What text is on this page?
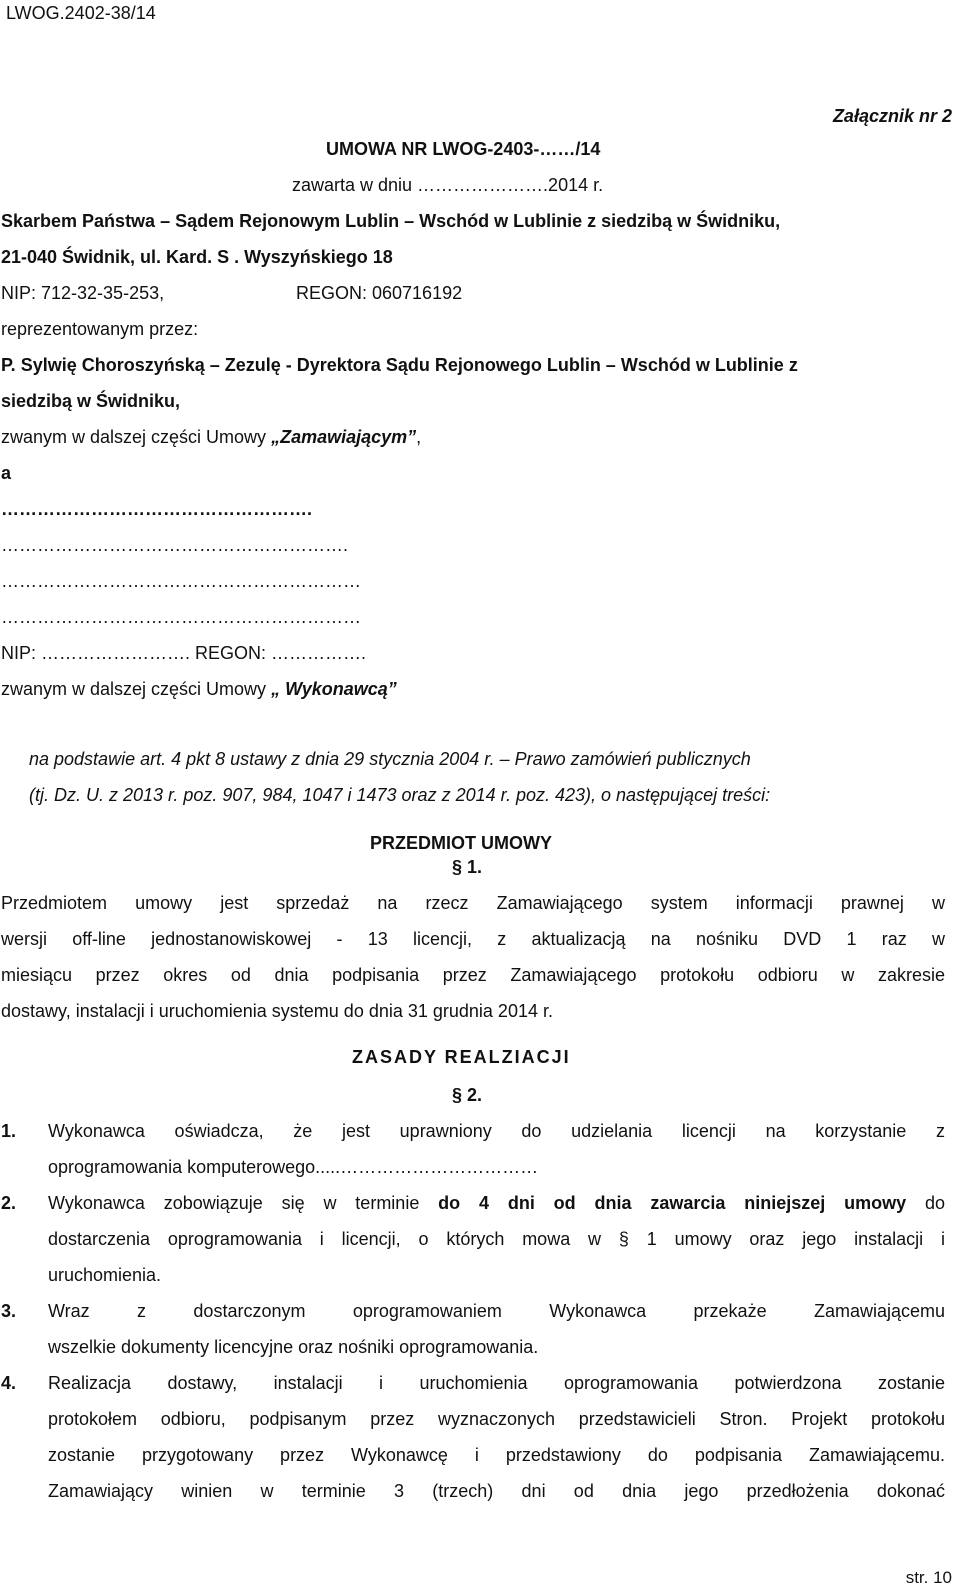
LWOG.2402-38/14
Załącznik nr 2
UMOWA NR LWOG-2403-……/14
zawarta w dniu ………………….2014 r.
Skarbem Państwa – Sądem Rejonowym Lublin – Wschód w Lublinie z siedzibą w Świdniku,
21-040 Świdnik, ul. Kard. S . Wyszyńskiego 18
NIP: 712-32-35-253,	REGON: 060716192
reprezentowanym przez:
P. Sylwię Choroszyńską – Zezulę - Dyrektora Sądu Rejonowego Lublin – Wschód w Lublinie z
siedzibą w Świdniku,
zwanym w dalszej części Umowy „Zamawiającym”,
a
…………………………………………….
………………………………………………….
……………………………………………………
……………………………………………………
NIP: ……………………. REGON: …………….
zwanym w dalszej części Umowy „ Wykonawcą”
na podstawie art. 4 pkt 8 ustawy z dnia 29 stycznia 2004 r. – Prawo zamówień publicznych
(tj. Dz. U. z 2013 r. poz. 907, 984, 1047 i 1473 oraz z 2014 r. poz. 423), o następującej treści:
PRZEDMIOT UMOWY
§ 1.
Przedmiotem umowy jest sprzedaż na rzecz Zamawiającego system informacji prawnej w
wersji off-line jednostanowiskowej - 13 licencji, z aktualizacją na nośniku DVD 1 raz w
miesiącu przez okres od dnia podpisania przez Zamawiającego protokołu odbioru w zakresie
dostawy, instalacji i uruchomienia systemu do dnia 31 grudnia 2014 r.
ZASADY REALZIACJI
§ 2.
1. Wykonawca oświadcza, że jest uprawniony do udzielania licencji na korzystanie z
oprogramowania komputerowego.....……………………………
2. Wykonawca zobowiązuje się w terminie do 4 dni od dnia zawarcia niniejszej umowy do
dostarczenia oprogramowania i licencji, o których mowa w § 1 umowy oraz jego instalacji i
uruchomienia.
3. Wraz z dostarczonym oprogramowaniem Wykonawca przekaże Zamawiającemu
wszelkie dokumenty licencyjne oraz nośniki oprogramowania.
4. Realizacja dostawy, instalacji i uruchomienia oprogramowania potwierdzona zostanie
protokołem odbioru, podpisanym przez wyznaczonych przedstawicieli Stron. Projekt protokołu
zostanie przygotowany przez Wykonawcę i przedstawiony do podpisania Zamawiającemu.
Zamawiający winien w terminie 3 (trzech) dni od dnia jego przedłożenia dokonać
str. 10
